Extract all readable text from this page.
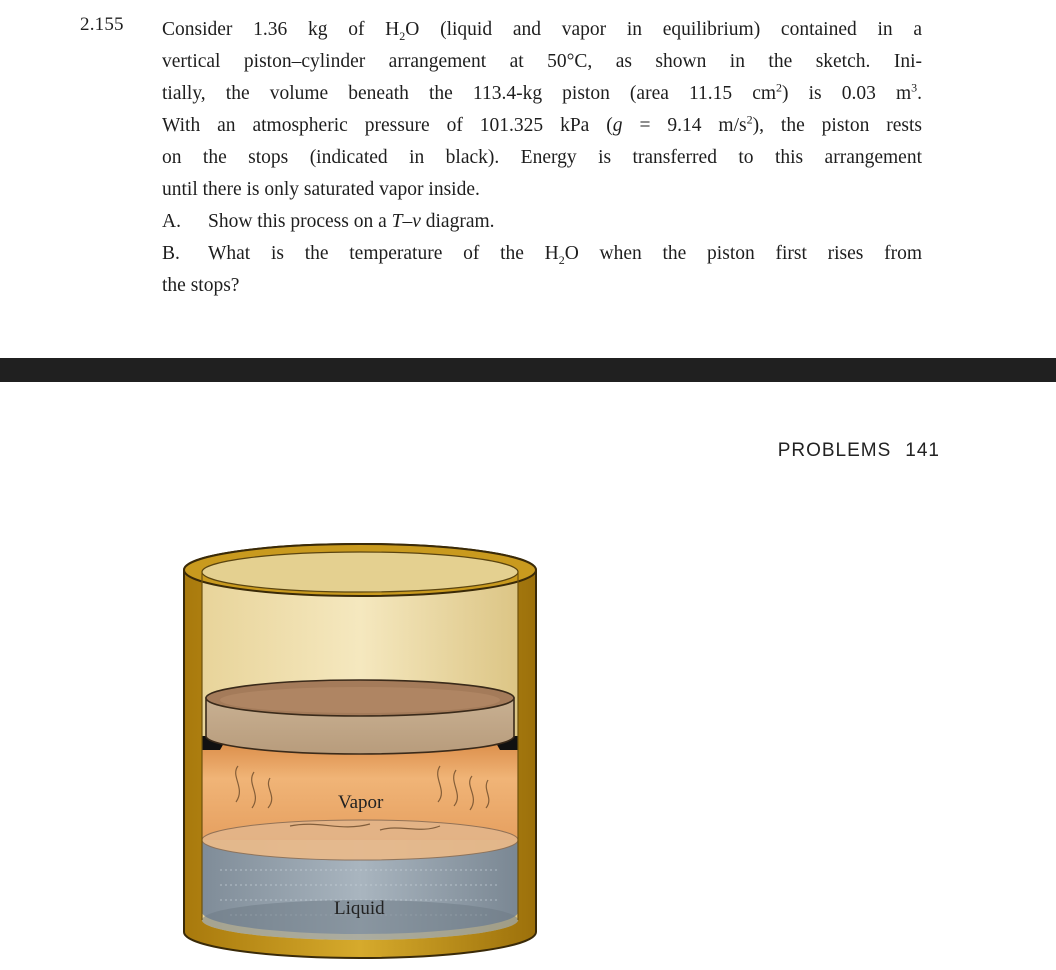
2.155 Consider 1.36 kg of $H_2O$ (liquid and vapor in equilibrium) contained in a
vertical piston–cylinder arrangement at 50°C, as shown in the sketch. Ini-
tially, the volume beneath the 113.4-kg piston (area 11.15 $cm^2$) is 0.03 $m^3$.
With an atmospheric pressure of 101.325 kPa (g = 9.14 $m/s^2$), the piston rests
on the stops (indicated in black). Energy is transferred to this arrangement
until there is only saturated vapor inside.
A.	Show this process on a T–v diagram.
B.	What is the temperature of the $H_2O$ when the piston first rises from
the stops?
PROBLEMS 141
Vapor
Liquid
